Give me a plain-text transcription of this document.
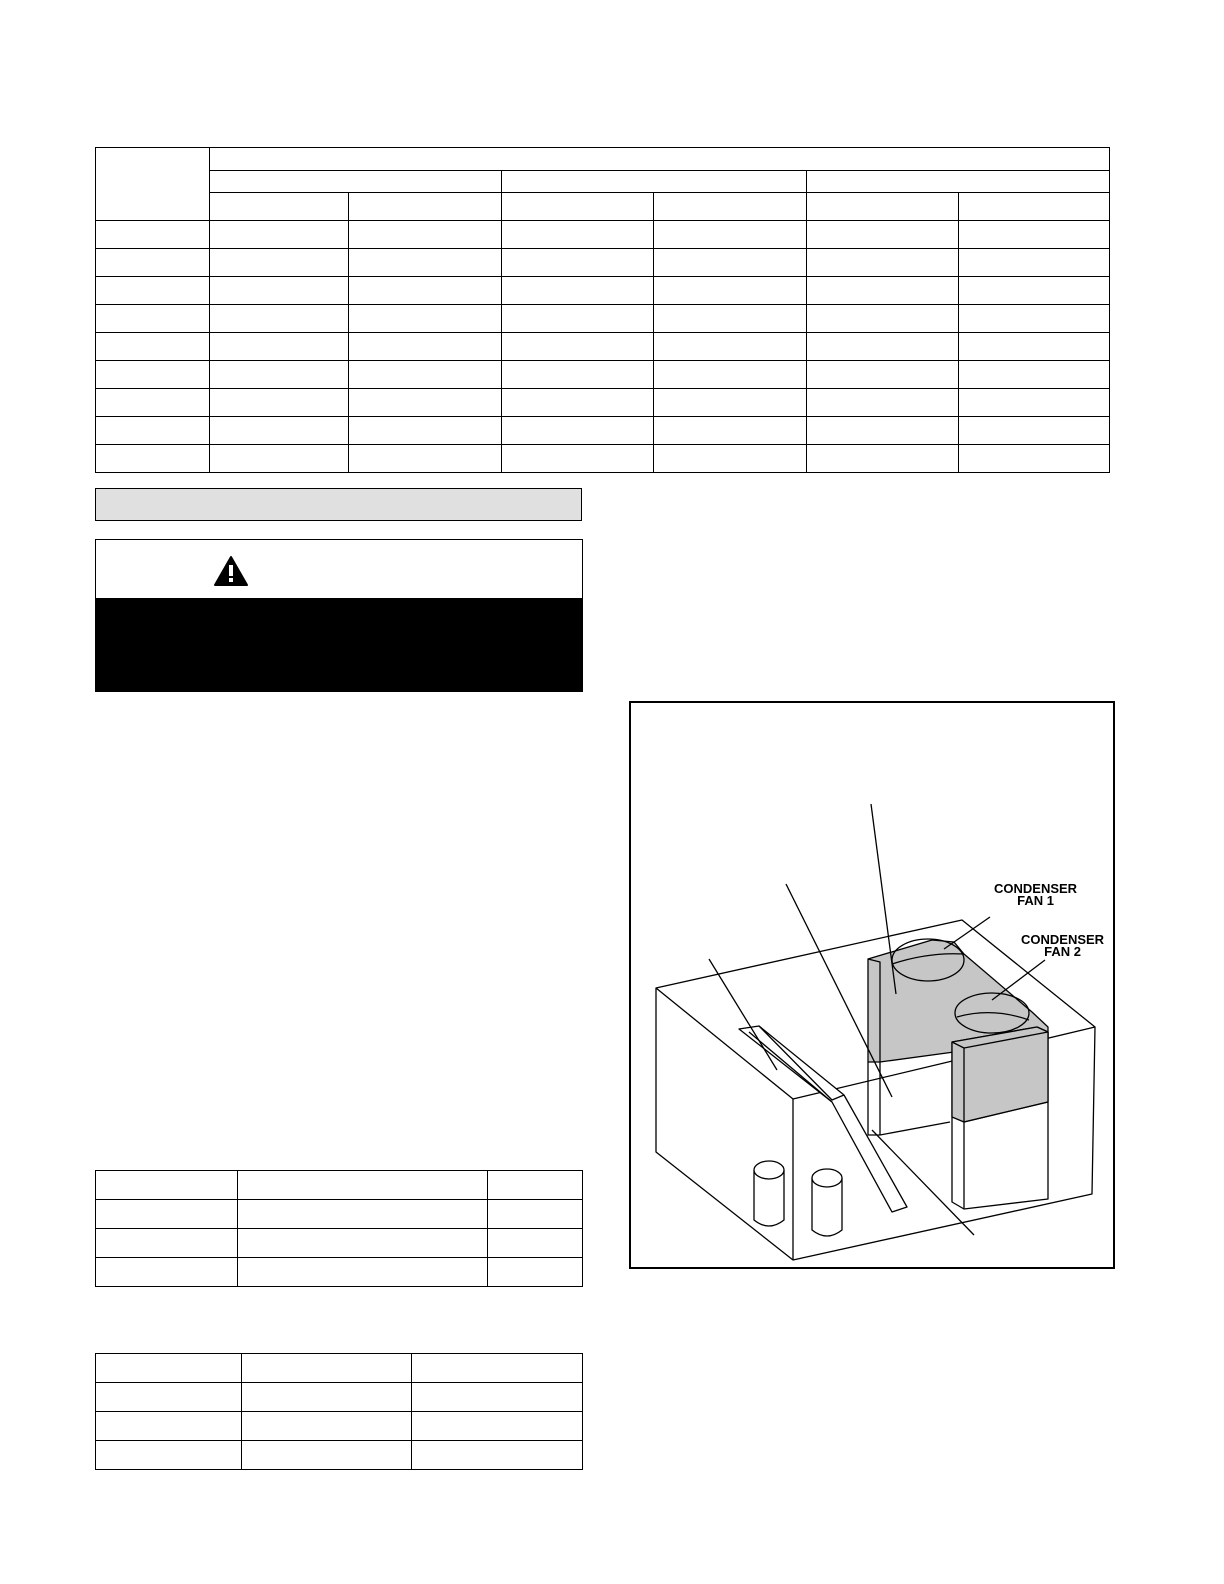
CONDENSER
FAN 1
CONDENSER
FAN 2
